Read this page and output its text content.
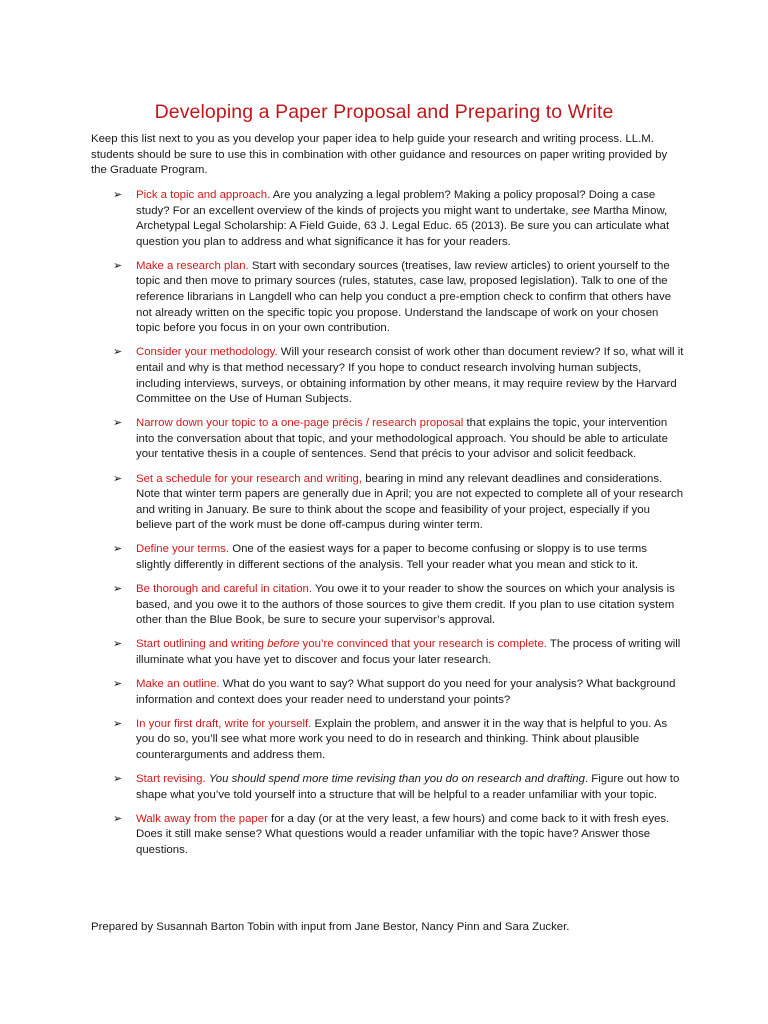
Developing a Paper Proposal and Preparing to Write

Keep this list next to you as you develop your paper idea to help guide your research and writing process. LL.M. students should be sure to use this in combination with other guidance and resources on paper writing provided by the Graduate Program.

➢	Pick a topic and approach. Are you analyzing a legal problem? Making a policy proposal? Doing a case study? For an excellent overview of the kinds of projects you might want to undertake, see Martha Minow, Archetypal Legal Scholarship: A Field Guide, 63 J. Legal Educ. 65 (2013). Be sure you can articulate what question you plan to address and what significance it has for your readers.
➢	Make a research plan. Start with secondary sources (treatises, law review articles) to orient yourself to the topic and then move to primary sources (rules, statutes, case law, proposed legislation). Talk to one of the reference librarians in Langdell who can help you conduct a pre-emption check to confirm that others have not already written on the specific topic you propose. Understand the landscape of work on your chosen topic before you focus in on your own contribution.
➢	Consider your methodology. Will your research consist of work other than document review? If so, what will it entail and why is that method necessary? If you hope to conduct research involving human subjects, including interviews, surveys, or obtaining information by other means, it may require review by the Harvard Committee on the Use of Human Subjects.
➢	Narrow down your topic to a one-page précis / research proposal that explains the topic, your intervention into the conversation about that topic, and your methodological approach. You should be able to articulate your tentative thesis in a couple of sentences. Send that précis to your advisor and solicit feedback.
➢	Set a schedule for your research and writing, bearing in mind any relevant deadlines and considerations. Note that winter term papers are generally due in April; you are not expected to complete all of your research and writing in January. Be sure to think about the scope and feasibility of your project, especially if you believe part of the work must be done off-campus during winter term.
➢	Define your terms. One of the easiest ways for a paper to become confusing or sloppy is to use terms slightly differently in different sections of the analysis. Tell your reader what you mean and stick to it.
➢	Be thorough and careful in citation. You owe it to your reader to show the sources on which your analysis is based, and you owe it to the authors of those sources to give them credit. If you plan to use citation system other than the Blue Book, be sure to secure your supervisor’s approval.
➢	Start outlining and writing before you’re convinced that your research is complete. The process of writing will illuminate what you have yet to discover and focus your later research.
➢	Make an outline. What do you want to say? What support do you need for your analysis? What background information and context does your reader need to understand your points?
➢	In your first draft, write for yourself. Explain the problem, and answer it in the way that is helpful to you. As you do so, you’ll see what more work you need to do in research and thinking. Think about plausible counterarguments and address them.
➢	Start revising. You should spend more time revising than you do on research and drafting. Figure out how to shape what you’ve told yourself into a structure that will be helpful to a reader unfamiliar with your topic.
➢	Walk away from the paper for a day (or at the very least, a few hours) and come back to it with fresh eyes. Does it still make sense? What questions would a reader unfamiliar with the topic have? Answer those questions.

Prepared by Susannah Barton Tobin with input from Jane Bestor, Nancy Pinn and Sara Zucker.
